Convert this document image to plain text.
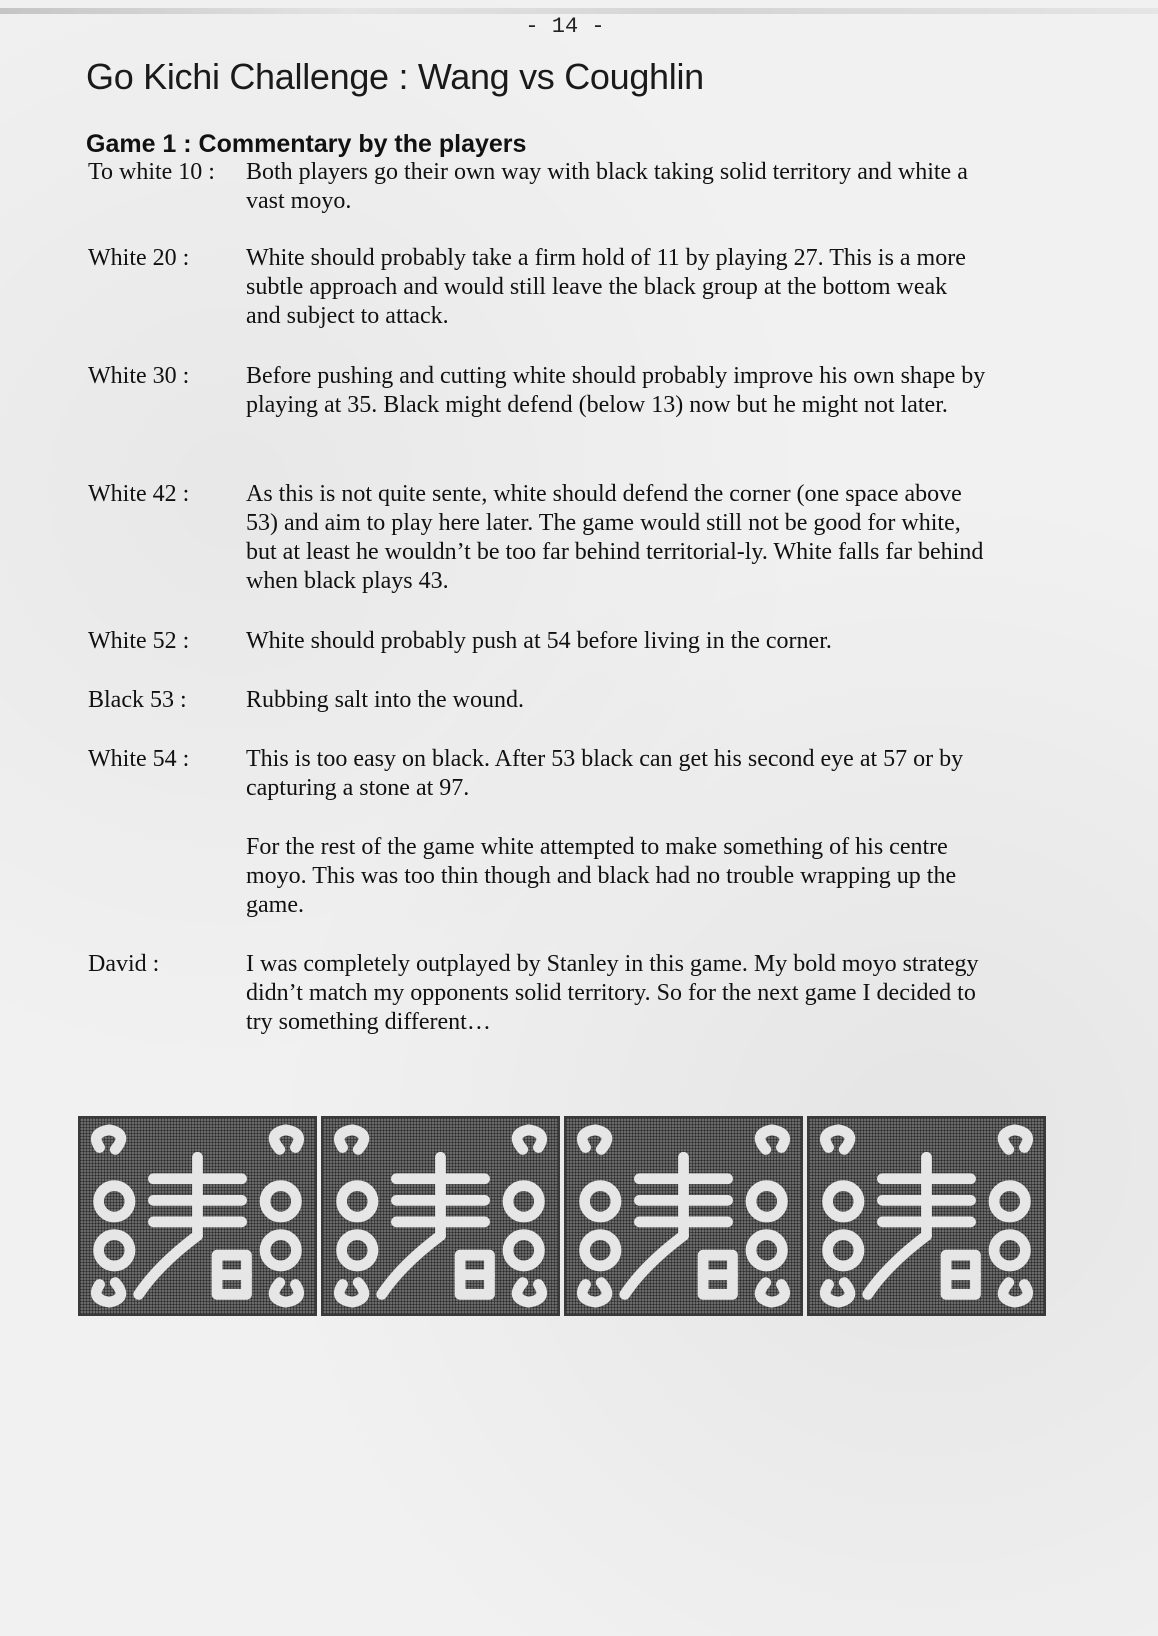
- 14 -
Go Kichi Challenge : Wang vs Coughlin
Game 1 : Commentary by the players
To white 10 : Both players go their own way with black taking solid territory and white a vast moyo.
White 20 : White should probably take a firm hold of 11 by playing 27. This is a more subtle approach and would still leave the black group at the bottom weak and subject to attack.
White 30 : Before pushing and cutting white should probably improve his own shape by playing at 35. Black might defend (below 13) now but he might not later.
White 42 : As this is not quite sente, white should defend the corner (one space above 53) and aim to play here later. The game would still not be good for white, but at least he wouldn’t be too far behind territorial-ly. White falls far behind when black plays 43.
White 52 : White should probably push at 54 before living in the corner.
Black 53 : Rubbing salt into the wound.
White 54 : This is too easy on black. After 53 black can get his second eye at 57 or by capturing a stone at 97.
For the rest of the game white attempted to make something of his centre moyo. This was too thin though and black had no trouble wrapping up the game.
David :	I was completely outplayed by Stanley in this game. My bold moyo strategy didn’t match my opponents solid territory. So for the next game I decided to try something different…
